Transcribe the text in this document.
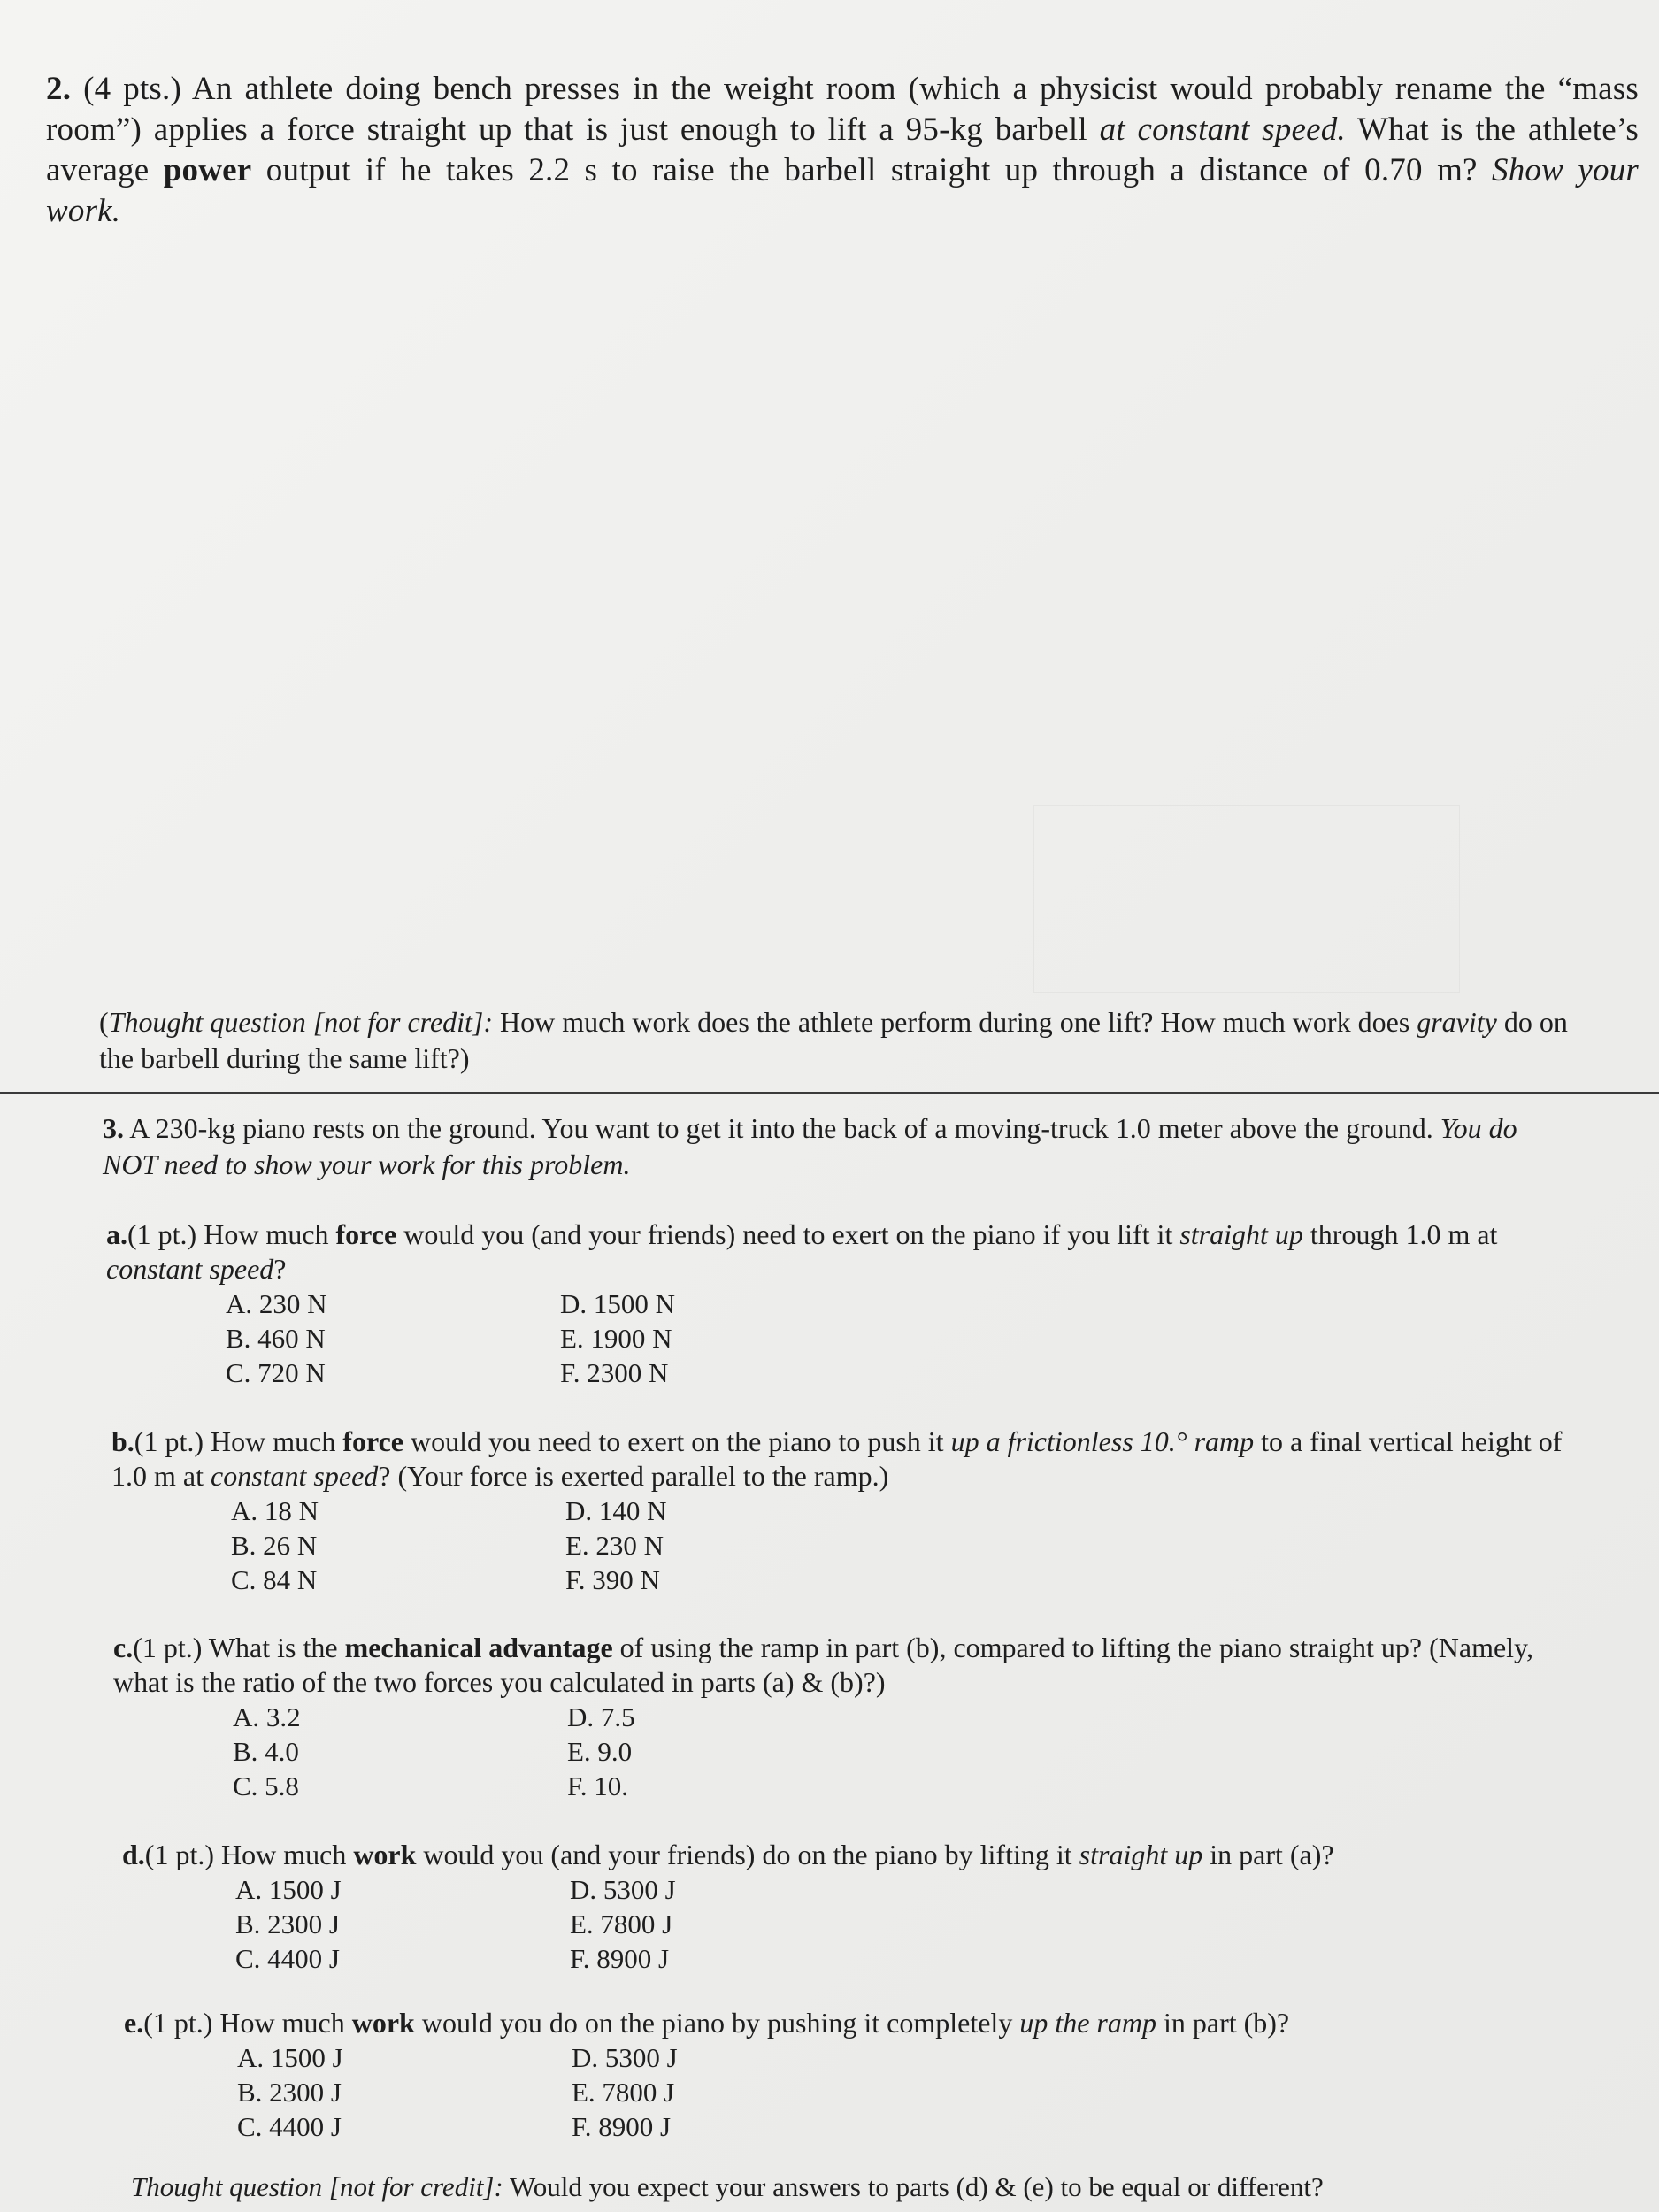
2. (4 pts.) An athlete doing bench presses in the weight room (which a physicist would probably rename the “mass room”) applies a force straight up that is just enough to lift a 95-kg barbell at constant speed. What is the athlete’s average power output if he takes 2.2 s to raise the barbell straight up through a distance of 0.70 m? Show your work.
(Thought question [not for credit]: How much work does the athlete perform during one lift? How much work does gravity do on the barbell during the same lift?)
3. A 230-kg piano rests on the ground. You want to get it into the back of a moving-truck 1.0 meter above the ground. You do NOT need to show your work for this problem.
a.(1 pt.) How much force would you (and your friends) need to exert on the piano if you lift it straight up through 1.0 m at constant speed?
A. 230 N	D. 1500 N
B. 460 N	E. 1900 N
C. 720 N	F. 2300 N
b.(1 pt.) How much force would you need to exert on the piano to push it up a frictionless 10.° ramp to a final vertical height of 1.0 m at constant speed? (Your force is exerted parallel to the ramp.)
A. 18 N	D. 140 N
B. 26 N	E. 230 N
C. 84 N	F. 390 N
c.(1 pt.) What is the mechanical advantage of using the ramp in part (b), compared to lifting the piano straight up? (Namely, what is the ratio of the two forces you calculated in parts (a) & (b)?)
A. 3.2	D. 7.5
B. 4.0	E. 9.0
C. 5.8	F. 10.
d.(1 pt.) How much work would you (and your friends) do on the piano by lifting it straight up in part (a)?
A. 1500 J	D. 5300 J
B. 2300 J	E. 7800 J
C. 4400 J	F. 8900 J
e.(1 pt.) How much work would you do on the piano by pushing it completely up the ramp in part (b)?
A. 1500 J	D. 5300 J
B. 2300 J	E. 7800 J
C. 4400 J	F. 8900 J
Thought question [not for credit]: Would you expect your answers to parts (d) & (e) to be equal or different?
